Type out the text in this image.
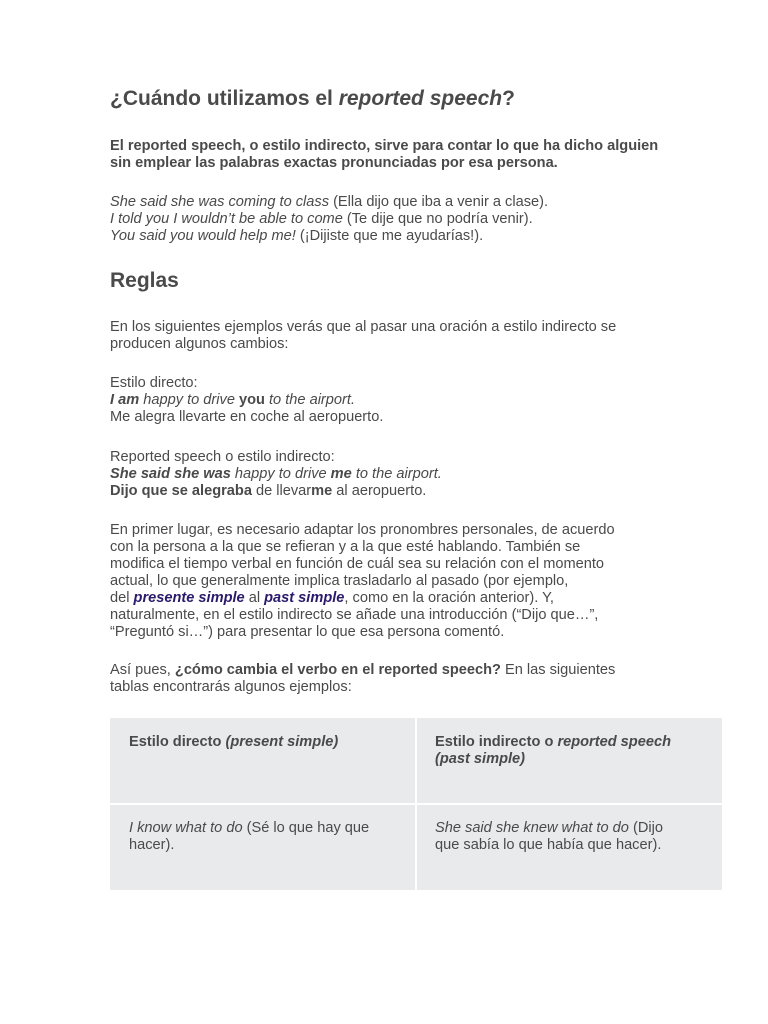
¿Cuándo utilizamos el reported speech?
El reported speech, o estilo indirecto, sirve para contar lo que ha dicho alguien sin emplear las palabras exactas pronunciadas por esa persona.
She said she was coming to class (Ella dijo que iba a venir a clase).
I told you I wouldn’t be able to come (Te dije que no podría venir).
You said you would help me! (¡Dijiste que me ayudarías!).
Reglas
En los siguientes ejemplos verás que al pasar una oración a estilo indirecto se
producen algunos cambios:
Estilo directo:
I am happy to drive you to the airport.
Me alegra llevarte en coche al aeropuerto.
Reported speech o estilo indirecto:
She said she was happy to drive me to the airport.
Dijo que se alegraba de llevarme al aeropuerto.
En primer lugar, es necesario adaptar los pronombres personales, de acuerdo
con la persona a la que se refieran y a la que esté hablando. También se
modifica el tiempo verbal en función de cuál sea su relación con el momento
actual, lo que generalmente implica trasladarlo al pasado (por ejemplo,
del presente simple al past simple, como en la oración anterior). Y,
naturalmente, en el estilo indirecto se añade una introducción (“Dijo que…”,
“Preguntó si…”) para presentar lo que esa persona comentó.
Así pues, ¿cómo cambia el verbo en el reported speech? En las siguientes
tablas encontrarás algunos ejemplos:
Estilo directo (present simple)	Estilo indirecto o reported speech
(past simple)
I know what to do (Sé lo que hay que
hacer).
She said she knew what to do (Dijo
que sabía lo que había que hacer).
